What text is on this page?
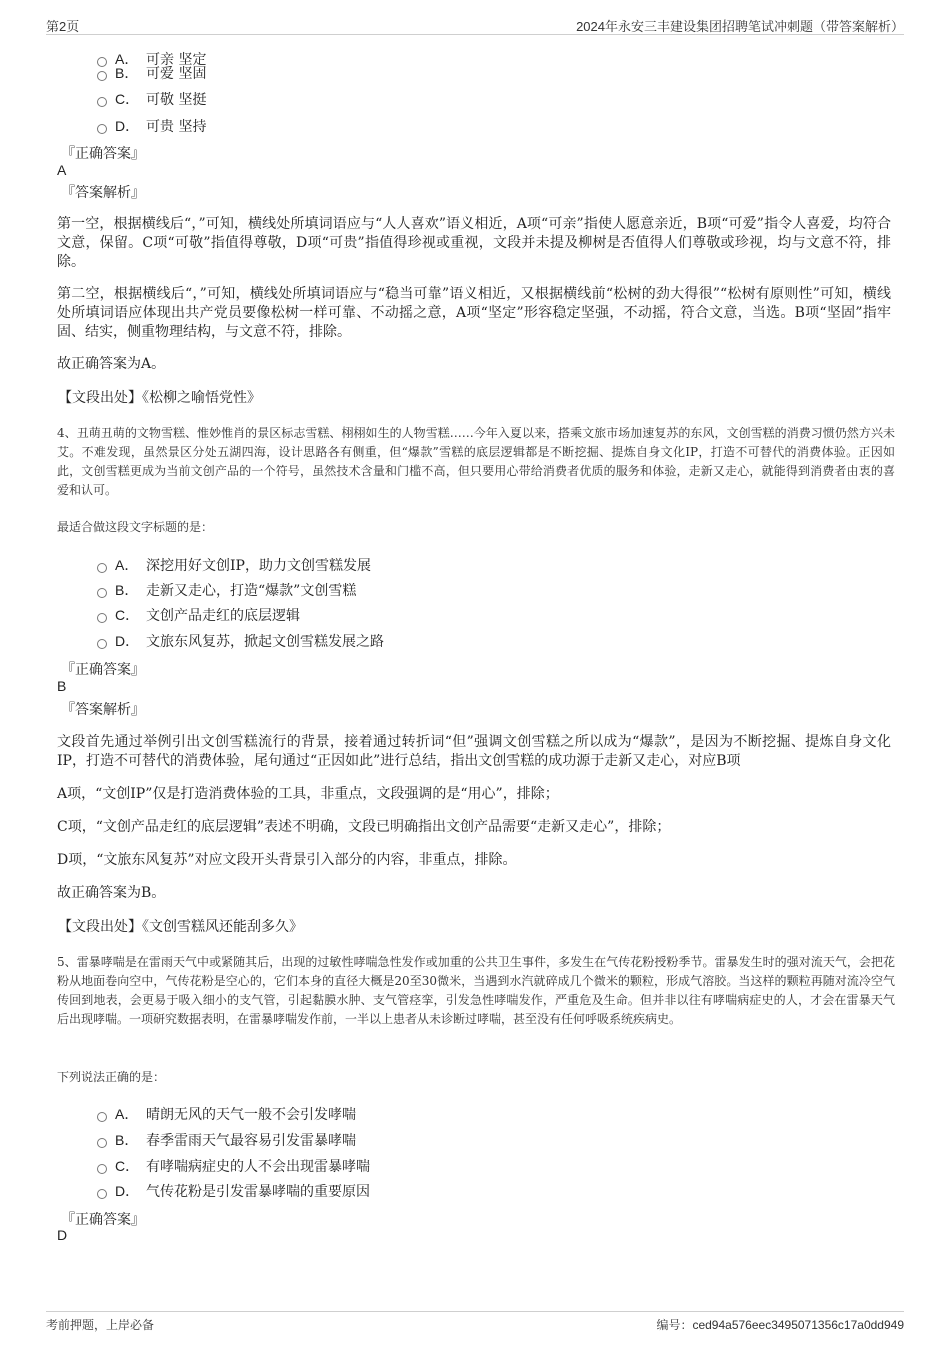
第2页	2024年永安三丰建设集团招聘笔试冲刺题（带答案解析）
A． 可亲 坚定
B． 可爱 坚固
C． 可敬 坚挺
D． 可贵 坚持
『正确答案』
A
『答案解析』
第一空，根据横线后“，”可知，横线处所填词语应与“人人喜欢”语义相近，A项“可亲”指使人愿意亲近，B项“可爱”指令人喜爱，均符合文意，保留。C项“可敬”指值得尊敬，D项“可贵”指值得珍视或重视，文段并未提及柳树是否值得人们尊敬或珍视，均与文意不符，排除。
第二空，根据横线后“，”可知，横线处所填词语应与“稳当可靠”语义相近，又根据横线前“松树的劲大得很”“松树有原则性”可知，横线处所填词语应体现出共产党员要像松树一样可靠、不动摇之意，A项“坚定”形容稳定坚强，不动摇，符合文意，当选。B项“坚固”指牢固、结实，侧重物理结构，与文意不符，排除。
故正确答案为A。
【文段出处】《松柳之喻悟党性》
4、丑萌丑萌的文物雪糕、惟妙惟肖的景区标志雪糕、栩栩如生的人物雪糕……今年入夏以来，搭乘文旅市场加速复苏的东风，文创雪糕的消费习惯仍然方兴未艾。不难发现，虽然景区分处五湖四海，设计思路各有侧重，但“爆款”雪糕的底层逻辑都是不断挖掘、提炼自身文化IP，打造不可替代的消费体验。正因如此，文创雪糕更成为当前文创产品的一个符号，虽然技术含量和门槛不高，但只要用心带给消费者优质的服务和体验，走新又走心，就能得到消费者由衷的喜爱和认可。
最适合做这段文字标题的是：
A． 深挖用好文创IP，助力文创雪糕发展
B． 走新又走心，打造“爆款”文创雪糕
C． 文创产品走红的底层逻辑
D． 文旅东风复苏，掀起文创雪糕发展之路
『正确答案』
B
『答案解析』
文段首先通过举例引出文创雪糕流行的背景，接着通过转折词“但”强调文创雪糕之所以成为“爆款”，是因为不断挖掘、提炼自身文化IP，打造不可替代的消费体验，尾句通过“正因如此”进行总结，指出文创雪糕的成功源于走新又走心，对应B项
A项，“文创IP”仅是打造消费体验的工具，非重点，文段强调的是“用心”，排除；
C项，“文创产品走红的底层逻辑”表述不明确，文段已明确指出文创产品需要“走新又走心”，排除；
D项，“文旅东风复苏”对应文段开头背景引入部分的内容，非重点，排除。
故正确答案为B。
【文段出处】《文创雪糕风还能刮多久》
5、雷暴哮喘是在雷雨天气中或紧随其后，出现的过敏性哮喘急性发作或加重的公共卫生事件，多发生在气传花粉授粉季节。雷暴发生时的强对流天气，会把花粉从地面卷向空中，气传花粉是空心的，它们本身的直径大概是20至30微米，当遇到水汽就碎成几个微米的颗粒，形成气溶胶。当这样的颗粒再随对流冷空气传回到地表，会更易于吸入细小的支气管，引起黏膜水肿、支气管痉挛，引发急性哮喘发作，严重危及生命。但并非以往有哮喘病症史的人，才会在雷暴天气后出现哮喘。一项研究数据表明，在雷暴哮喘发作前，一半以上患者从未诊断过哮喘，甚至没有任何呼吸系统疾病史。
下列说法正确的是：
A． 晴朗无风的天气一般不会引发哮喘
B． 春季雷雨天气最容易引发雷暴哮喘
C． 有哮喘病症史的人不会出现雷暴哮喘
D． 气传花粉是引发雷暴哮喘的重要原因
『正确答案』
D
考前押题，上岸必备	编号：ced94a576eec3495071356c17a0dd949
